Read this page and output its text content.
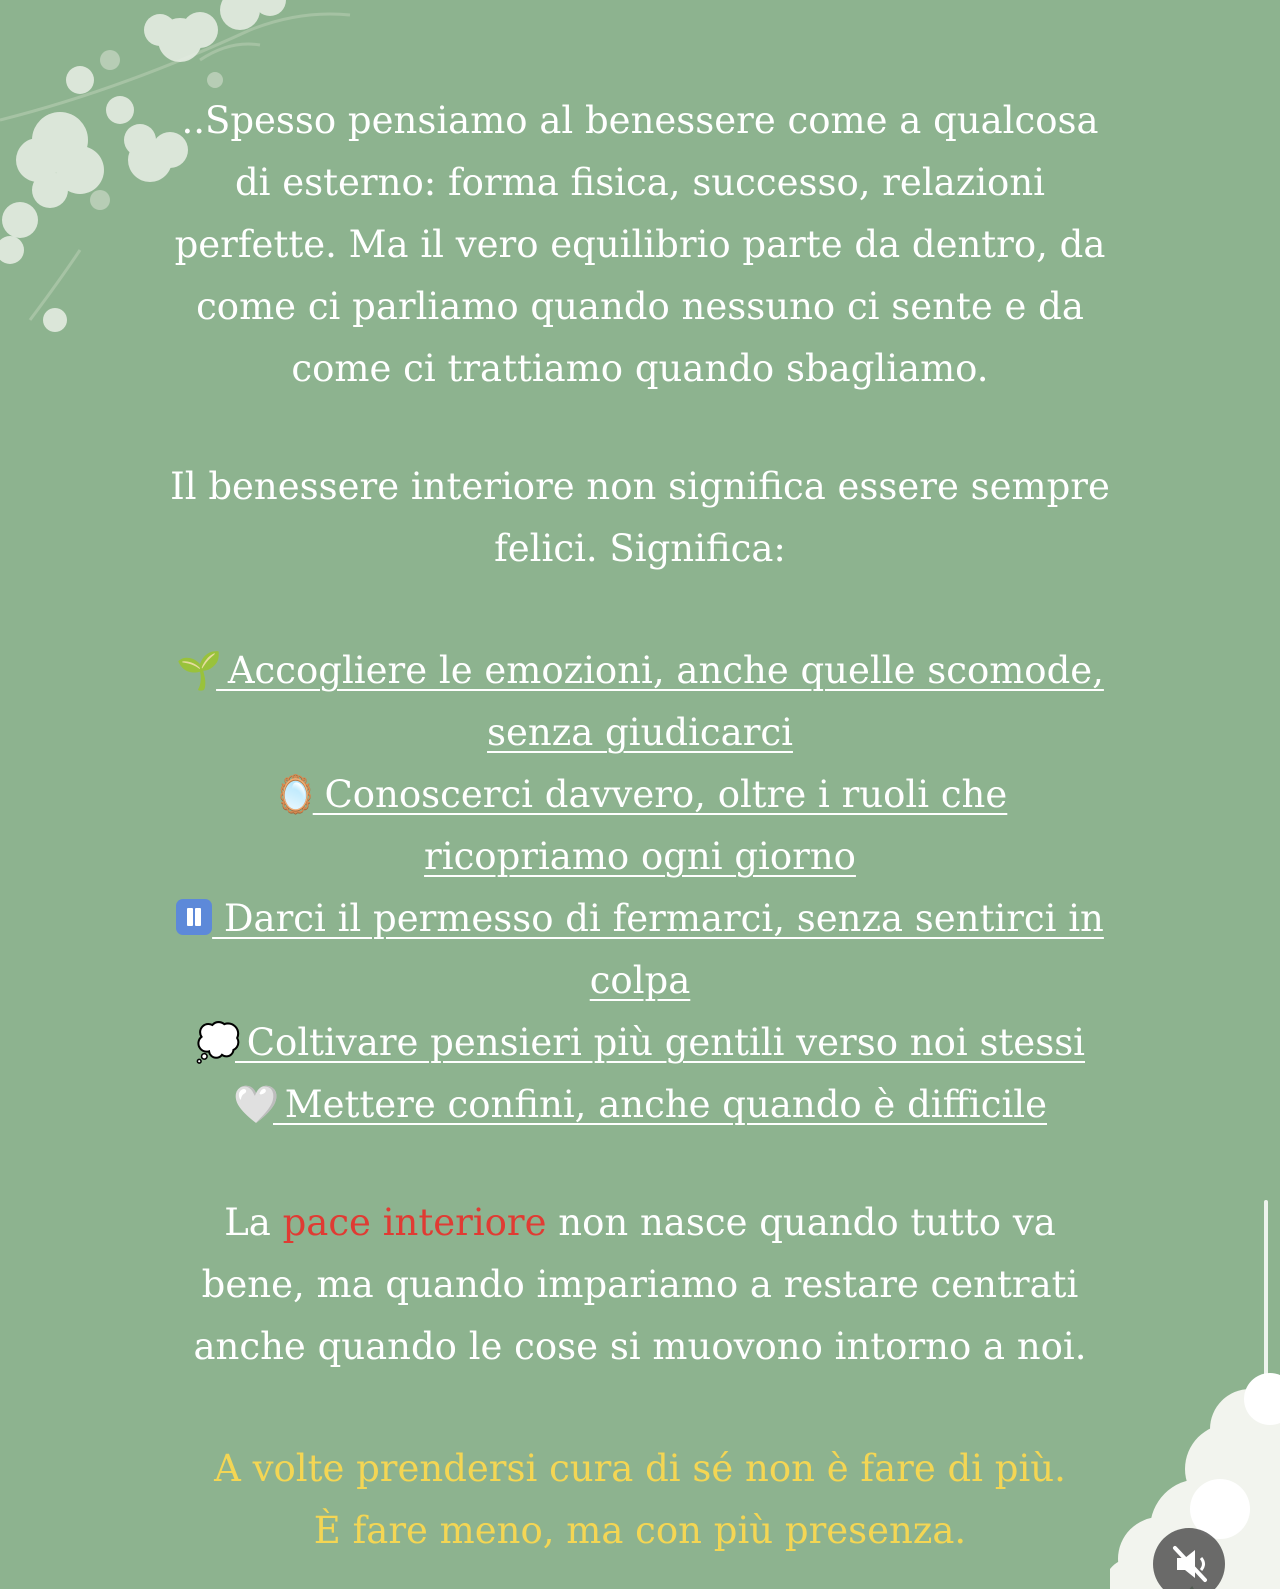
..Spesso pensiamo al benessere come a qualcosa
di esterno: forma fisica, successo, relazioni
perfette. Ma il vero equilibrio parte da dentro, da
come ci parliamo quando nessuno ci sente e da
come ci trattiamo quando sbagliamo.
Il benessere interiore non significa essere sempre
felici. Significa:
🌱 Accogliere le emozioni, anche quelle scomode,
senza giudicarci
🪞 Conoscerci davvero, oltre i ruoli che
ricopriamo ogni giorno
Darci il permesso di fermarci, senza sentirci in
colpa
💭 Coltivare pensieri più gentili verso noi stessi
🤍 Mettere confini, anche quando è difficile
La pace interiore non nasce quando tutto va
bene, ma quando impariamo a restare centrati
anche quando le cose si muovono intorno a noi.
A volte prendersi cura di sé non è fare di più.
È fare meno, ma con più presenza.
